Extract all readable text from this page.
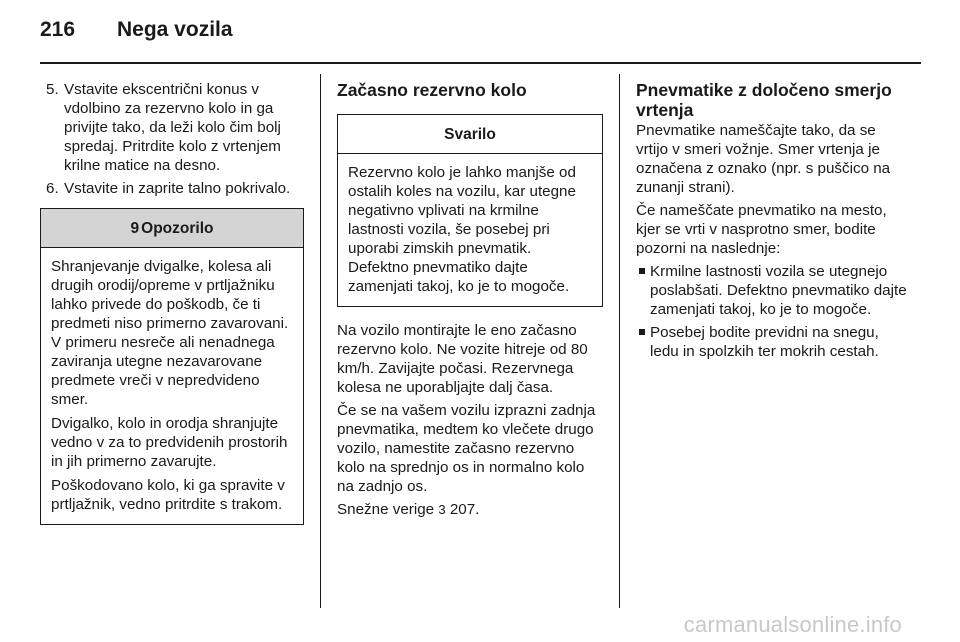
216 Nega vozila
5. Vstavite ekscentrični konus v vdolbino za rezervno kolo in ga privijte tako, da leži kolo čim bolj spredaj. Pritrdite kolo z vrtenjem krilne matice na desno.
6. Vstavite in zaprite talno pokrivalo.
9 Opozorilo

Shranjevanje dvigalke, kolesa ali drugih orodij/opreme v prtljažniku lahko privede do poškodb, če ti predmeti niso primerno zavarovani. V primeru nesreče ali nenadnega zaviranja utegne nezavarovane predmete vreči v nepredvideno smer.

Dvigalko, kolo in orodja shranjujte vedno v za to predvidenih prostorih in jih primerno zavarujte.

Poškodovano kolo, ki ga spravite v prtljažnik, vedno pritrdite s trakom.

Začasno rezervno kolo
Svarilo

Rezervno kolo je lahko manjše od ostalih koles na vozilu, kar utegne negativno vplivati na krmilne lastnosti vozila, še posebej pri uporabi zimskih pnevmatik. Defektno pnevmatiko dajte zamenjati takoj, ko je to mogoče.

Na vozilo montirajte le eno začasno rezervno kolo. Ne vozite hitreje od 80 km/h. Zavijajte počasi. Rezervnega kolesa ne uporabljajte dalj časa.

Če se na vašem vozilu izprazni zadnja pnevmatika, medtem ko vlečete drugo vozilo, namestite začasno rezervno kolo na sprednjo os in normalno kolo na zadnjo os.

Snežne verige 3 207.

Pnevmatike z določeno smerjo vrtenja

Pnevmatike nameščajte tako, da se vrtijo v smeri vožnje. Smer vrtenja je označena z oznako (npr. s puščico na zunanji strani).

Če nameščate pnevmatiko na mesto, kjer se vrti v nasprotno smer, bodite pozorni na naslednje:

Krmilne lastnosti vozila se utegnejo poslabšati. Defektno pnevmatiko dajte zamenjati takoj, ko je to mogoče.
Posebej bodite previdni na snegu, ledu in spolzkih ter mokrih cestah.
carmanualsonline.info
